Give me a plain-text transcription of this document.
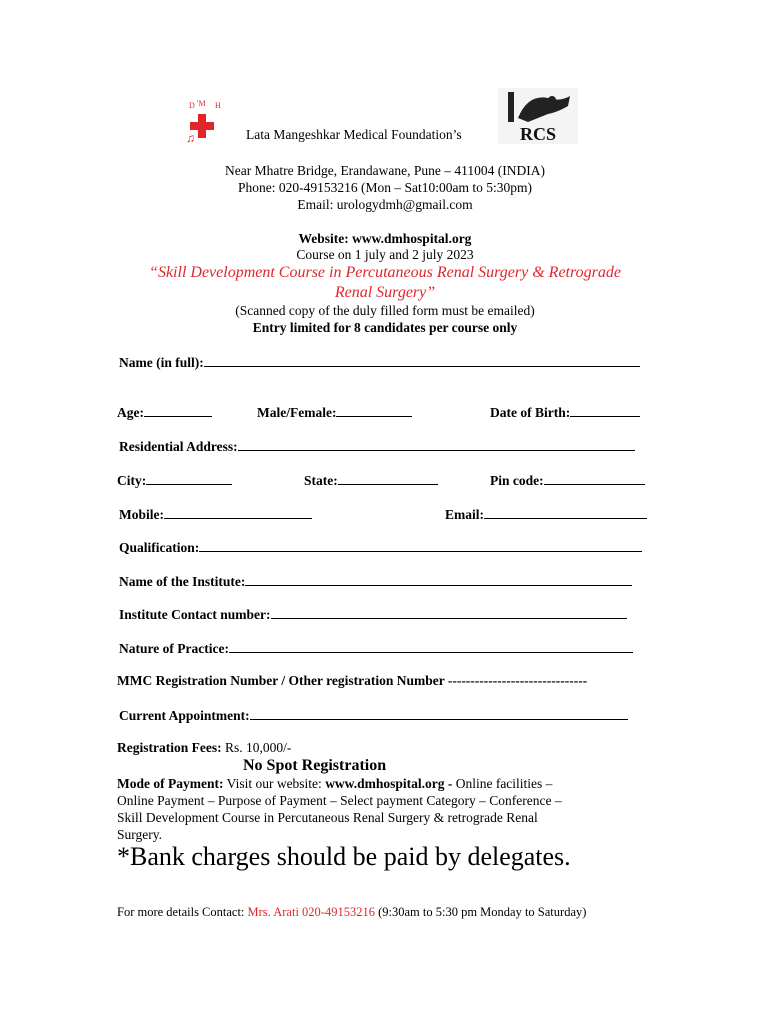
D 'M H
♫	RCS
Lata Mangeshkar Medical Foundation’s
Near Mhatre Bridge, Erandawane, Pune – 411004 (INDIA)
Phone: 020-49153216 (Mon – Sat10:00am to 5:30pm)
Email: urologydmh@gmail.com
Website: www.dmhospital.org
Course on 1 july and 2 july 2023
“Skill Development Course in Percutaneous Renal Surgery & Retrograde
Renal Surgery”
(Scanned copy of the duly filled form must be emailed)
Entry limited for 8 candidates per course only
Name (in full):
Age:	Male/Female:	Date of Birth:
Residential Address:
City:	State:	Pin code:
Mobile:	Email:
Qualification:
Name of the Institute:
Institute Contact number:
Nature of Practice:
MMC Registration Number / Other registration Number -------------------------------
Current Appointment:
Registration Fees: Rs. 10,000/-
No Spot Registration
Mode of Payment: Visit our website: www.dmhospital.org - Online facilities –
Online Payment – Purpose of Payment – Select payment Category – Conference –
Skill Development Course in Percutaneous Renal Surgery & retrograde Renal
Surgery.
*Bank charges should be paid by delegates.
For more details Contact: Mrs. Arati 020-49153216 (9:30am to 5:30 pm Monday to Saturday)
